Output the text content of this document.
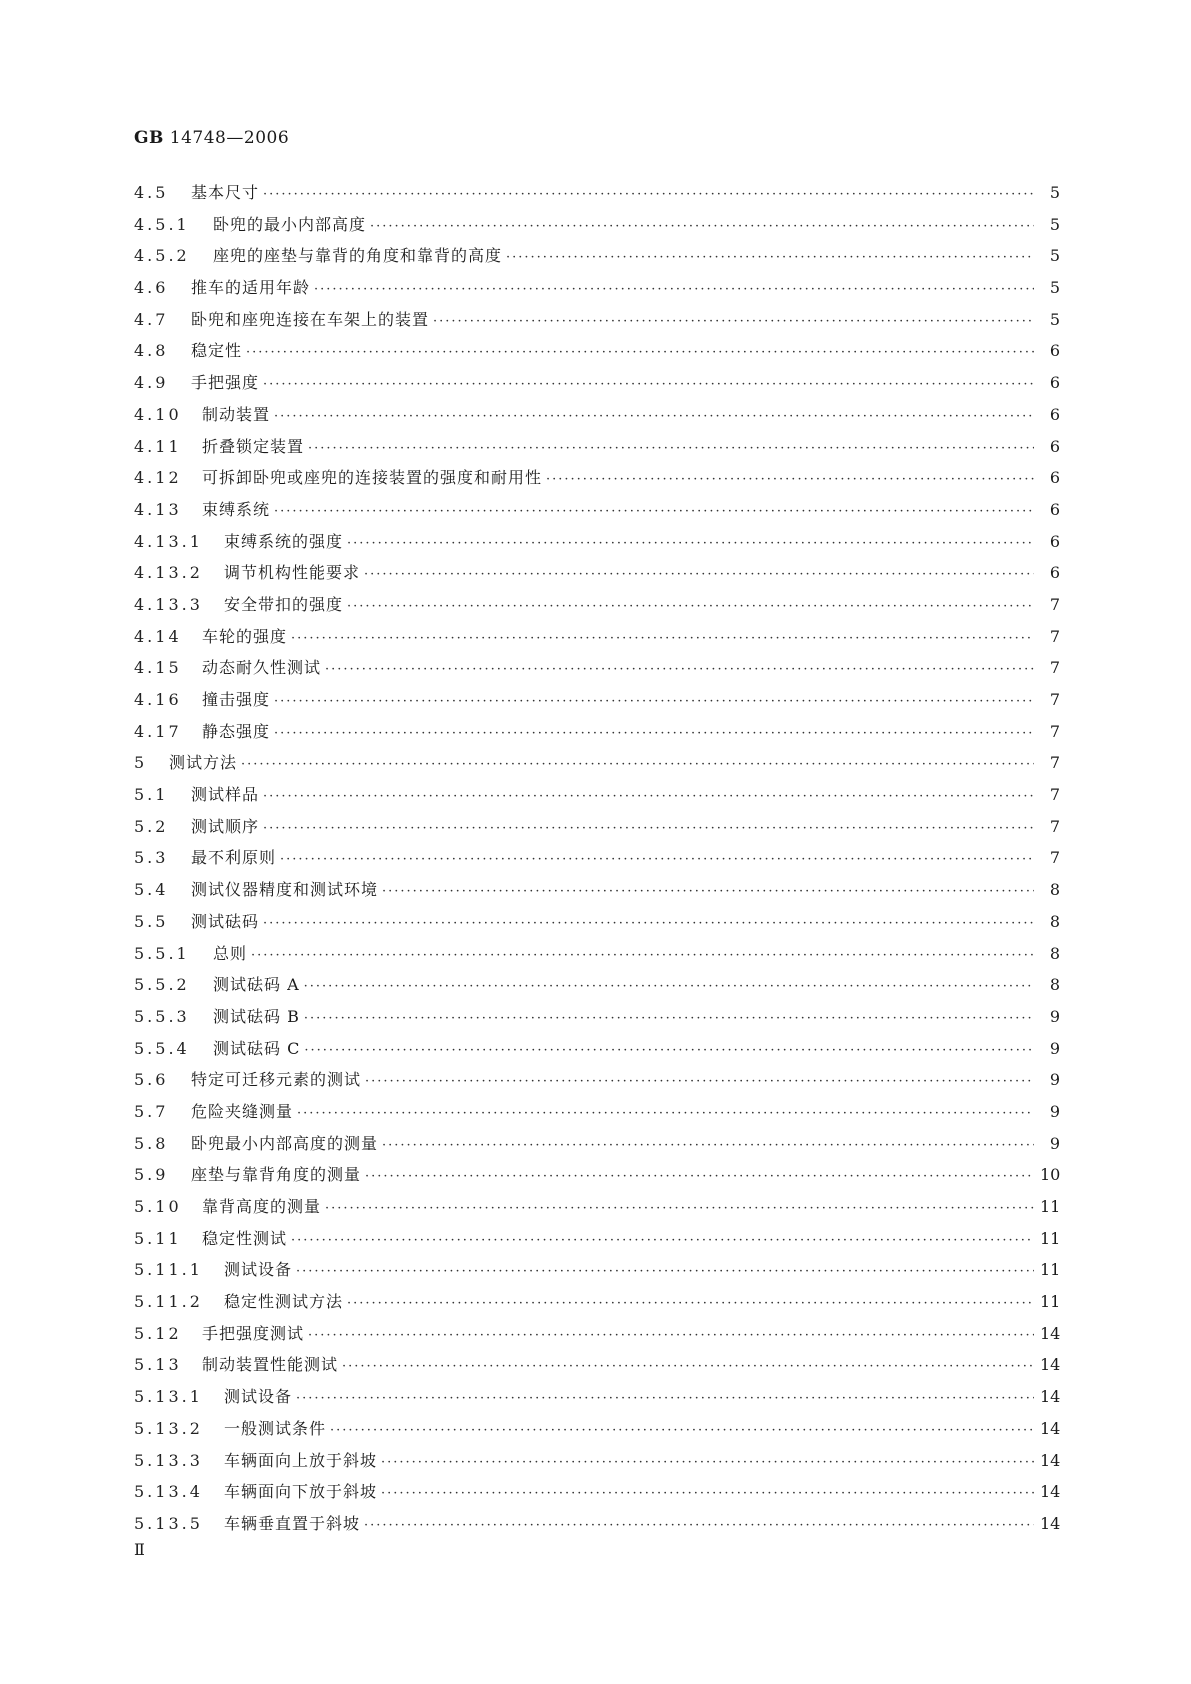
GB 14748—2006
4.5	基本尺寸 ·····	5
4.5.1	卧兜的最小内部高度 ·····	5
4.5.2	座兜的座垫与靠背的角度和靠背的高度 ·····	5
4.6	推车的适用年龄 ·····	5
4.7	卧兜和座兜连接在车架上的装置 ·····	5
4.8	稳定性 ·····	6
4.9	手把强度 ·····	6
4.10	制动装置 ·····	6
4.11	折叠锁定装置 ·····	6
4.12	可拆卸卧兜或座兜的连接装置的强度和耐用性 ·····	6
4.13	束缚系统 ·····	6
4.13.1	束缚系统的强度 ·····	6
4.13.2	调节机构性能要求 ·····	6
4.13.3	安全带扣的强度 ·····	7
4.14	车轮的强度 ·····	7
4.15	动态耐久性测试 ·····	7
4.16	撞击强度 ·····	7
4.17	静态强度 ·····	7
5	测试方法 ·····	7
5.1	测试样品 ·····	7
5.2	测试顺序 ·····	7
5.3	最不利原则 ·····	7
5.4	测试仪器精度和测试环境 ·····	8
5.5	测试砝码 ·····	8
5.5.1	总则 ·····	8
5.5.2	测试砝码 A ·····	8
5.5.3	测试砝码 B ·····	9
5.5.4	测试砝码 C ·····	9
5.6	特定可迁移元素的测试 ·····	9
5.7	危险夹缝测量 ·····	9
5.8	卧兜最小内部高度的测量 ·····	9
5.9	座垫与靠背角度的测量 ·····	10
5.10	靠背高度的测量 ·····	11
5.11	稳定性测试 ·····	11
5.11.1	测试设备 ·····	11
5.11.2	稳定性测试方法 ·····	11
5.12	手把强度测试 ·····	14
5.13	制动装置性能测试 ·····	14
5.13.1	测试设备 ·····	14
5.13.2	一般测试条件 ·····	14
5.13.3	车辆面向上放于斜坡 ·····	14
5.13.4	车辆面向下放于斜坡 ·····	14
5.13.5	车辆垂直置于斜坡 ·····	14
Ⅱ
